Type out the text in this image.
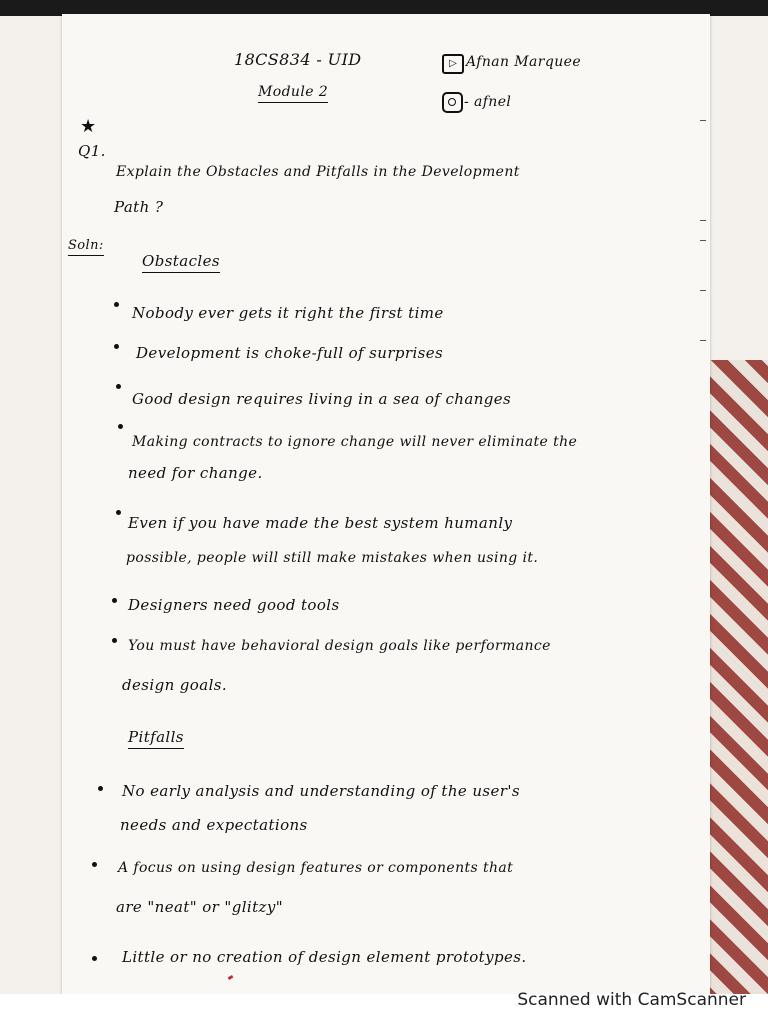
18CS834 - UID
Module 2
▷ Afnan Marquee
- afnel
★
Q1.
Explain the Obstacles and Pitfalls in the Development
Path ?
Soln:
Obstacles
Nobody ever gets it right the first time
Development is choke-full of surprises
Good design requires living in a sea of changes
Making contracts to ignore change will never eliminate the
need for change.
Even if you have made the best system humanly
possible, people will still make mistakes when using it.
Designers need good tools
You must have behavioral design goals like performance
design goals.
Pitfalls
No early analysis and understanding of the user's
needs and expectations
A focus on using design features or components that
are "neat" or "glitzy"
Little or no creation of design element prototypes.
Scanned with CamScanner
